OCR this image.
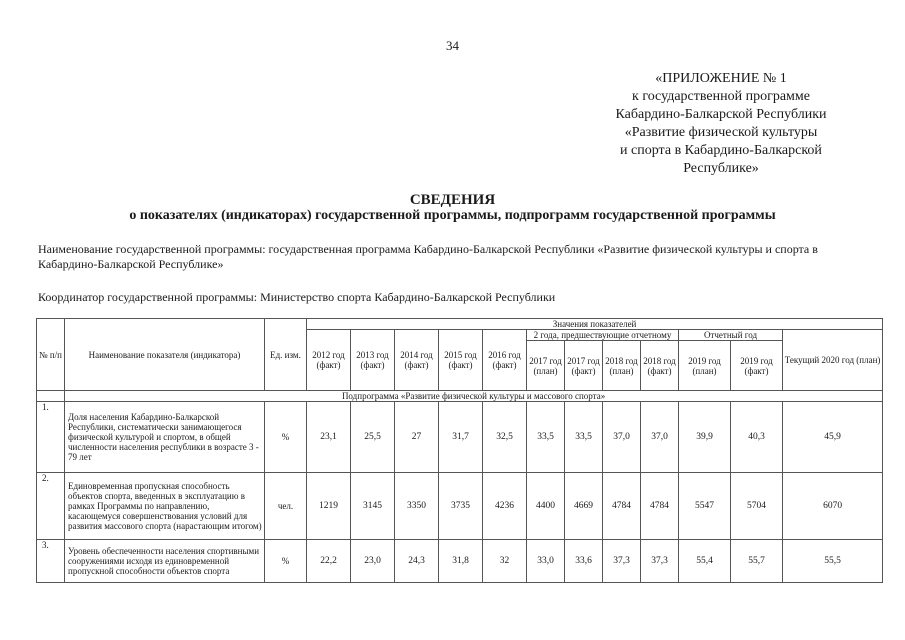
34
«ПРИЛОЖЕНИЕ № 1
к государственной программе
Кабардино-Балкарской Республики
«Развитие физической культуры
и спорта в Кабардино-Балкарской
Республике»
СВЕДЕНИЯ
о показателях (индикаторах) государственной программы, подпрограмм государственной программы
Наименование государственной программы: государственная программа Кабардино-Балкарской Республики «Развитие физической культуры и спорта в Кабардино-Балкарской Республике»
Координатор государственной программы: Министерство спорта Кабардино-Балкарской Республики
№ п/п	Наименование показателя (индикатора)	Ед. изм.	Значения показателей											
			2012 год (факт)	2013 год (факт)	2014 год (факт)	2015 год (факт)	2016 год (факт)	2 года, предшествующие отчетному				Отчетный год		Текущий 2020 год (план)
								2017 год (план)	2017 год (факт)	2018 год (план)	2018 год (факт)	2019 год (план)	2019 год (факт)	
	Подпрограмма «Развитие физической культуры и массового спорта»													
1.	Доля населения Кабардино-Балкарской Республики, систематически занимающегося физической культурой и спортом, в общей численности населения республики в возрасте 3 - 79 лет	%	23,1	25,5	27	31,7	32,5	33,5	33,5	37,0	37,0	39,9	40,3	45,9
2.	Единовременная пропускная способность объектов спорта, введенных в эксплуатацию в рамках Программы по направлению, касающемуся совершенствования условий для развития массового спорта (нарастающим итогом)	чел.	1219	3145	3350	3735	4236	4400	4669	4784	4784	5547	5704	6070
3.	Уровень обеспеченности населения спортивными сооружениями исходя из единовременной пропускной способности объектов спорта	%	22,2	23,0	24,3	31,8	32	33,0	33,6	37,3	37,3	55,4	55,7	55,5
